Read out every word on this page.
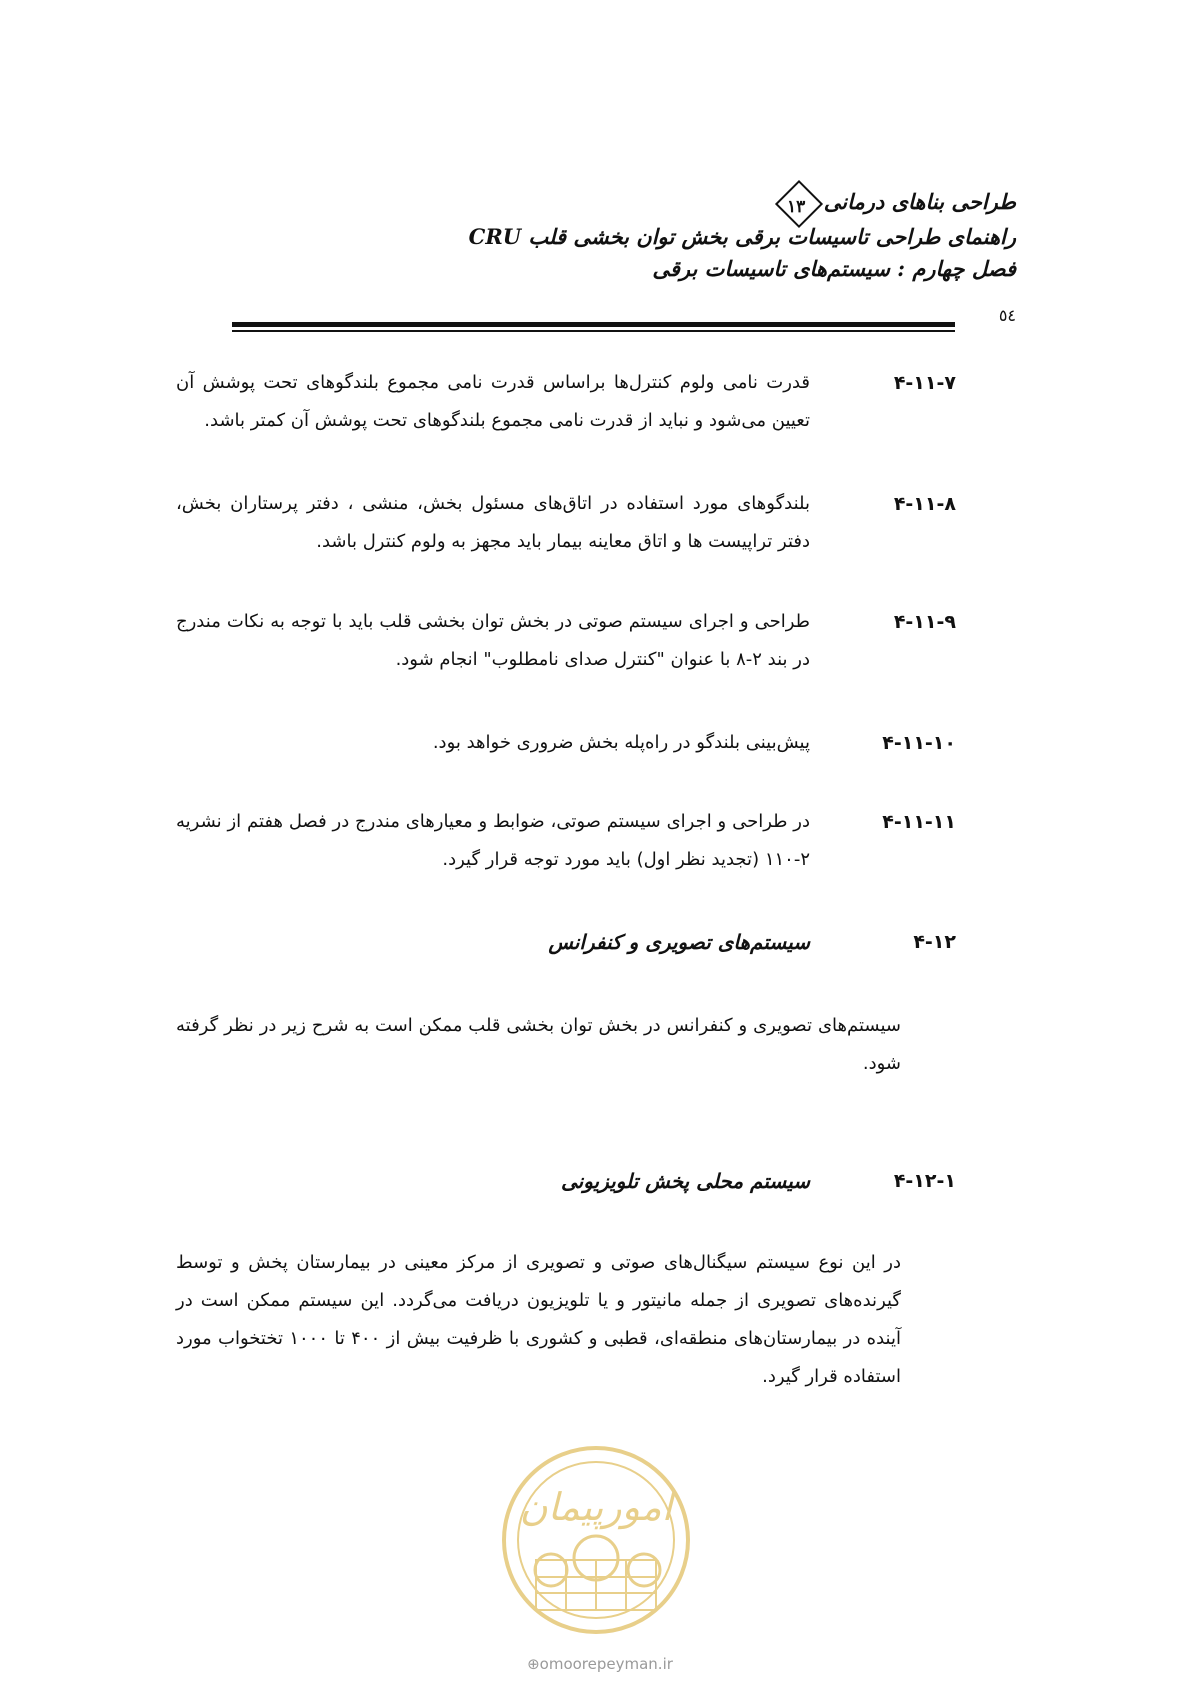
طراحی بناهای درمانی
۱۳
راهنمای طراحی تاسیسات برقی بخش توان بخشی قلب CRU
فصل چهارم : سیستم‌های تاسیسات برقی
٥٤
۴-۱۱-۷
قدرت نامی ولوم کنترل‌ها براساس قدرت نامی مجموع بلندگوهای تحت پوشش آن تعیین می‌شود و نباید از قدرت نامی مجموع بلندگوهای تحت پوشش آن کمتر باشد.
۴-۱۱-۸
بلندگوهای مورد استفاده در اتاق‌های مسئول بخش، منشی ، دفتر پرستاران بخش، دفتر تراپیست ها و اتاق معاینه بیمار باید مجهز به ولوم کنترل باشد.
۴-۱۱-۹
طراحی و اجرای سیستم صوتی در بخش توان بخشی قلب باید با توجه به نکات مندرج در بند ۲-۸ با عنوان "کنترل صدای نامطلوب" انجام شود.
۴-۱۱-۱۰
پیش‌بینی بلندگو در راه‌پله بخش ضروری خواهد بود.
۴-۱۱-۱۱
در طراحی و اجرای سیستم صوتی، ضوابط و معیارهای مندرج در فصل هفتم از نشریه ۲-۱۱۰ (تجدید نظر اول) باید مورد توجه قرار گیرد.
۴-۱۲
سیستم‌های تصویری و کنفرانس
سیستم‌های تصویری و کنفرانس در بخش توان بخشی قلب ممکن است به شرح زیر در نظر گرفته شود.
۴-۱۲-۱
سیستم محلی پخش تلویزیونی
در این نوع سیستم سیگنال‌های صوتی و تصویری از مرکز معینی در بیمارستان پخش و توسط گیرنده‌های تصویری از جمله مانیتور و یا تلویزیون دریافت می‌گردد. این سیستم ممکن است در آینده در بیمارستان‌های منطقه‌ای، قطبی و کشوری با ظرفیت بیش از ۴۰۰ تا ۱۰۰۰ تختخواب مورد استفاده قرار گیرد.
امورپیمان
⊕omoorepeyman.ir
